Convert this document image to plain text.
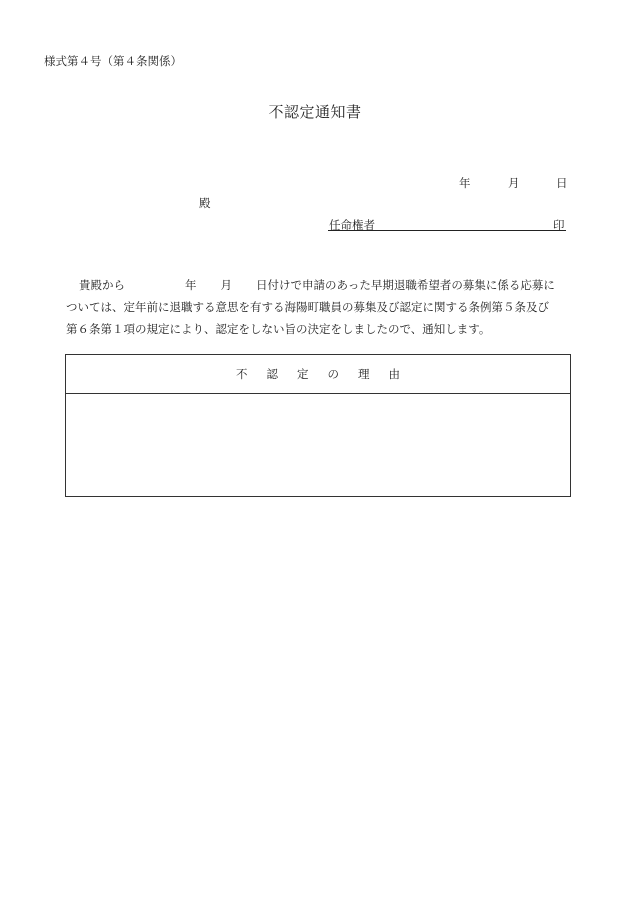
様式第４号（第４条関係）
不認定通知書
年	月	日
殿
任命権者	印
貴殿から	年 月 日付けで申請のあった早期退職希望者の募集に係る応募に
ついては、定年前に退職する意思を有する海陽町職員の募集及び認定に関する条例第５条及び
第６条第１項の規定により、認定をしない旨の決定をしましたので、通知します。
不認定の理由
